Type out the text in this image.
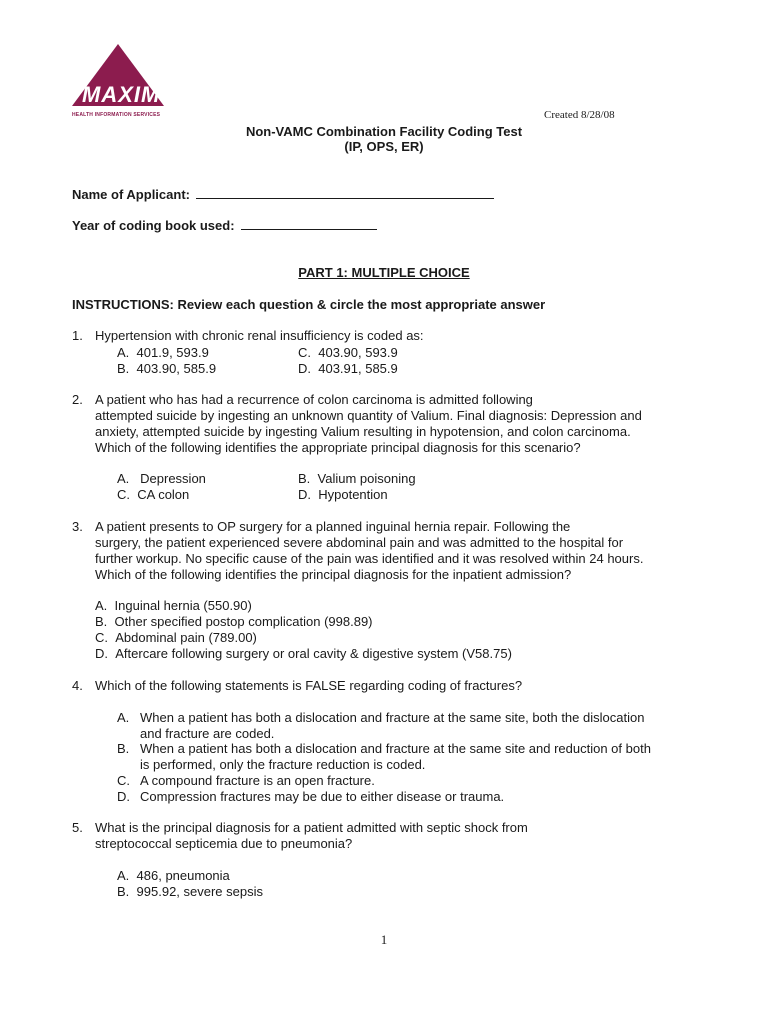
MAXIM
HEALTH INFORMATION SERVICES	Created 8/28/08
Non-VAMC Combination Facility Coding Test
(IP, OPS, ER)
Name of Applicant:
Year of coding book used:
PART 1: MULTIPLE CHOICE
INSTRUCTIONS: Review each question & circle the most appropriate answer
1. Hypertension with chronic renal insufficiency is coded as:
A. 401.9, 593.9	C. 403.90, 593.9
B. 403.90, 585.9	D. 403.91, 585.9
2. A patient who has had a recurrence of colon carcinoma is admitted following
attempted suicide by ingesting an unknown quantity of Valium. Final diagnosis: Depression and
anxiety, attempted suicide by ingesting Valium resulting in hypotension, and colon carcinoma.
Which of the following identifies the appropriate principal diagnosis for this scenario?
A.   Depression	B. Valium poisoning
C. CA colon	D. Hypotention
3. A patient presents to OP surgery for a planned inguinal hernia repair. Following the
surgery, the patient experienced severe abdominal pain and was admitted to the hospital for
further workup. No specific cause of the pain was identified and it was resolved within 24 hours.
Which of the following identifies the principal diagnosis for the inpatient admission?
A. Inguinal hernia (550.90)
B. Other specified postop complication (998.89)
C. Abdominal pain (789.00)
D. Aftercare following surgery or oral cavity & digestive system (V58.75)
4. Which of the following statements is FALSE regarding coding of fractures?
A. When a patient has both a dislocation and fracture at the same site, both the dislocation
and fracture are coded.
B. When a patient has both a dislocation and fracture at the same site and reduction of both
is performed, only the fracture reduction is coded.
C. A compound fracture is an open fracture.
D. Compression fractures may be due to either disease or trauma.
5. What is the principal diagnosis for a patient admitted with septic shock from
streptococcal septicemia due to pneumonia?
A. 486, pneumonia
B. 995.92, severe sepsis
1
